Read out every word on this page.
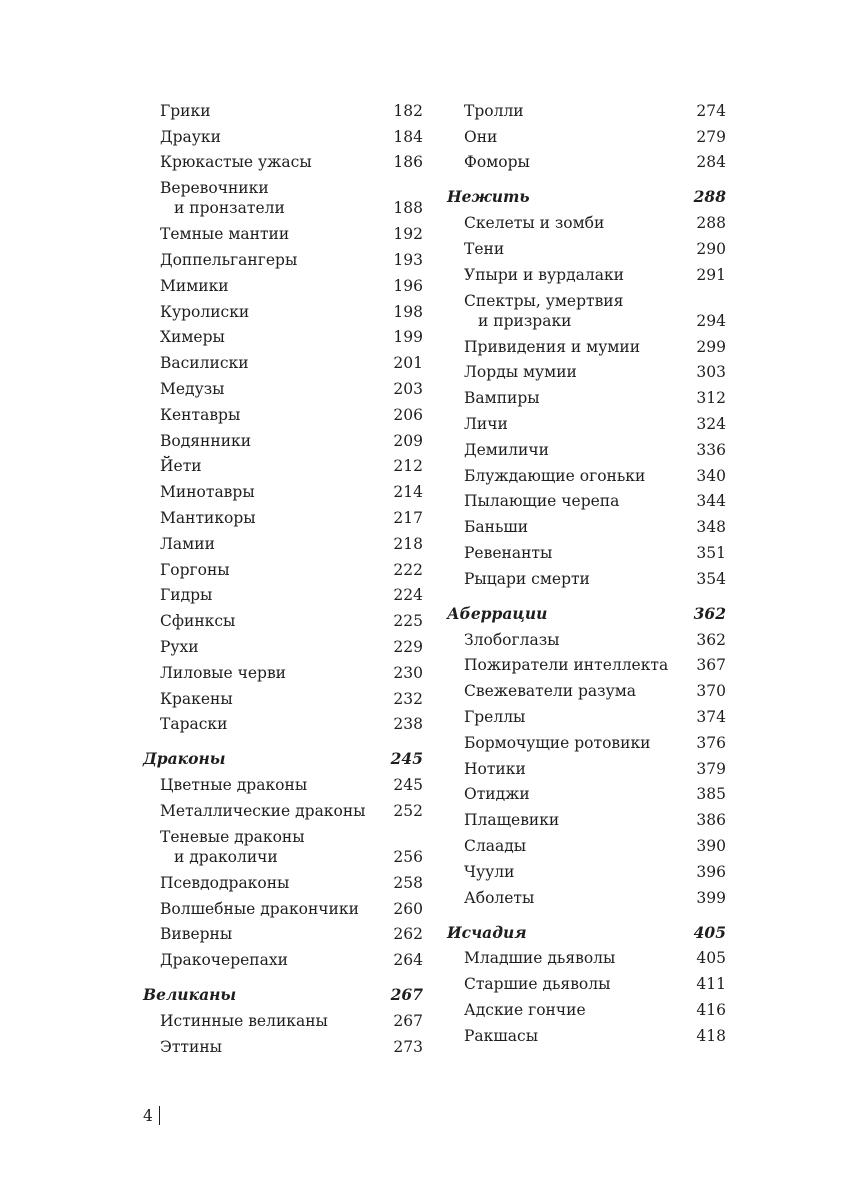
Грики	182
Драуки	184
Крюкастые ужасы	186
Веревочники
и пронзатели	188
Темные мантии	192
Доппельгангеры	193
Мимики	196
Куролиски	198
Химеры	199
Василиски	201
Медузы	203
Кентавры	206
Водянники	209
Йети	212
Минотавры	214
Мантикоры	217
Ламии	218
Горгоны	222
Гидры	224
Сфинксы	225
Рухи	229
Лиловые черви	230
Кракены	232
Тараски	238
Драконы	245
Цветные драконы	245
Металлические драконы 252
Теневые драконы
и драколичи	256
Псевдодраконы	258
Волшебные дракончики 260
Виверны	262
Дракочерепахи	264
Великаны	267
Истинные великаны	267
Эттины	273
Тролли	274
Они	279
Фоморы	284
Нежить	288
Скелеты и зомби	288
Тени	290
Упыри и вурдалаки	291
Спектры, умертвия
и призраки	294
Привидения и мумии	299
Лорды мумии	303
Вампиры	312
Личи	324
Демиличи	336
Блуждающие огоньки	340
Пылающие черепа	344
Баньши	348
Ревенанты	351
Рыцари смерти	354
Аберрации	362
Злобоглазы	362
Пожиратели интеллекта 367
Свежеватели разума	370
Греллы	374
Бормочущие ротовики	376
Нотики	379
Отиджи	385
Плащевики	386
Слаады	390
Чуули	396
Аболеты	399
Исчадия	405
Младшие дьяволы	405
Старшие дьяволы	411
Адские гончие	416
Ракшасы	418
4
